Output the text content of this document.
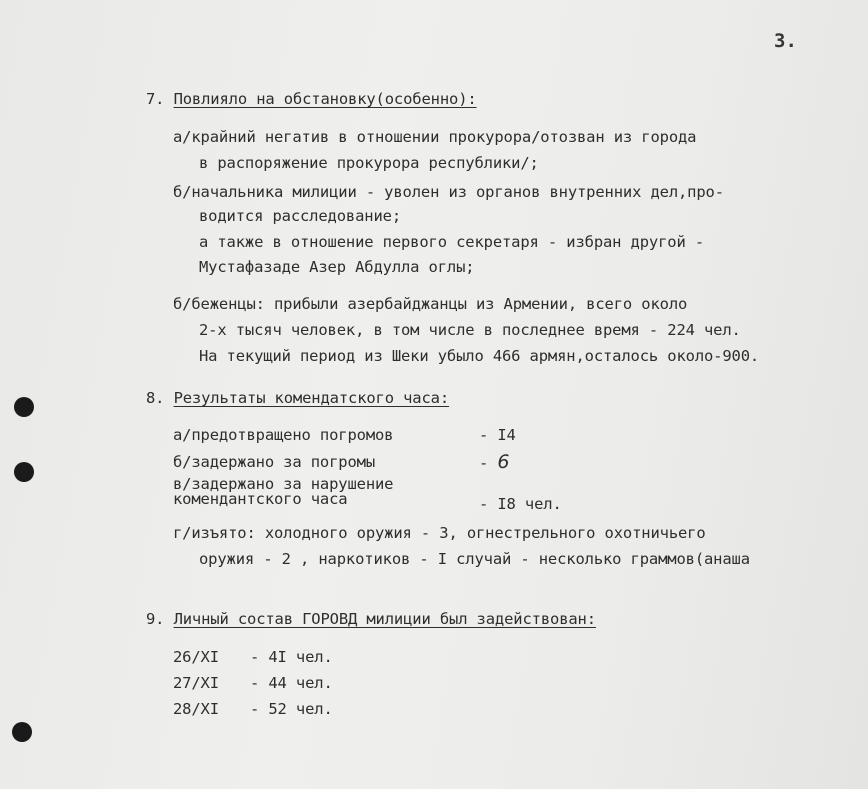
3.
7. Повлияло на обстановку(особенно):
а/крайний негатив в отношении прокурора/отозван из города
в распоряжение прокурора республики/;
б/начальника милиции - уволен из органов внутренних дел,про-
водится расследование;
а также в отношение первого секретаря - избран другой -
Мустафазаде Азер Абдулла оглы;
б/беженцы: прибыли азербайджанцы из Армении, всего около
2-х тысяч человек, в том числе в последнее время - 224 чел.
На текущий период из Шеки убыло 466 армян,осталось около-900.
8. Результаты комендатского часа:
а/предотвращено погромов	- I4
б/задержано за погромы	- 6
в/задержано за нарушение
комендантского часа	- I8 чел.
г/изъято: холодного оружия - 3, огнестрельного охотничьего
оружия - 2 , наркотиков - I случай - несколько граммов(анаша
9. Личный состав ГОРОВД милиции был задействован:
26/XI - 4I чел.
27/XI - 44 чел.
28/XI - 52 чел.
